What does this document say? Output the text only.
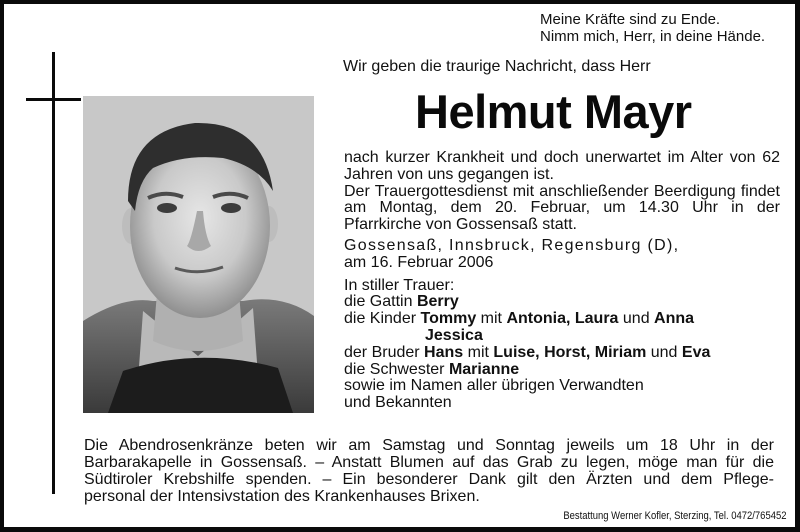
Meine Kräfte sind zu Ende.
Nimm mich, Herr, in deine Hände.
Wir geben die traurige Nachricht, dass Herr
Helmut Mayr

nach kurzer Krankheit und doch unerwartet im Alter von 62 Jahren von uns gegangen ist.

Der Trauergottesdienst mit anschließender Beerdigung findet am Montag, dem 20. Februar, um 14.30 Uhr in der Pfarrkirche von Gossensaß statt.

Gossensaß, Innsbruck, Regensburg (D),

am 16. Februar 2006

In stiller Trauer:
die Gattin Berry
die Kinder Tommy mit Antonia, Laura und Anna
Jessica
der Bruder Hans mit Luise, Horst, Miriam und Eva
die Schwester Marianne
sowie im Namen aller übrigen Verwandten
und Bekannten
Die Abendrosenkränze beten wir am Samstag und Sonntag jeweils um 18 Uhr in der
Barbarakapelle in Gossensaß. – Anstatt Blumen auf das Grab zu legen, möge man für die
Südtiroler Krebshilfe spenden. – Ein besonderer Dank gilt den Ärzten und dem Pflege-
personal der Intensivstation des Krankenhauses Brixen.
Bestattung Werner Kofler, Sterzing, Tel. 0472/765452
